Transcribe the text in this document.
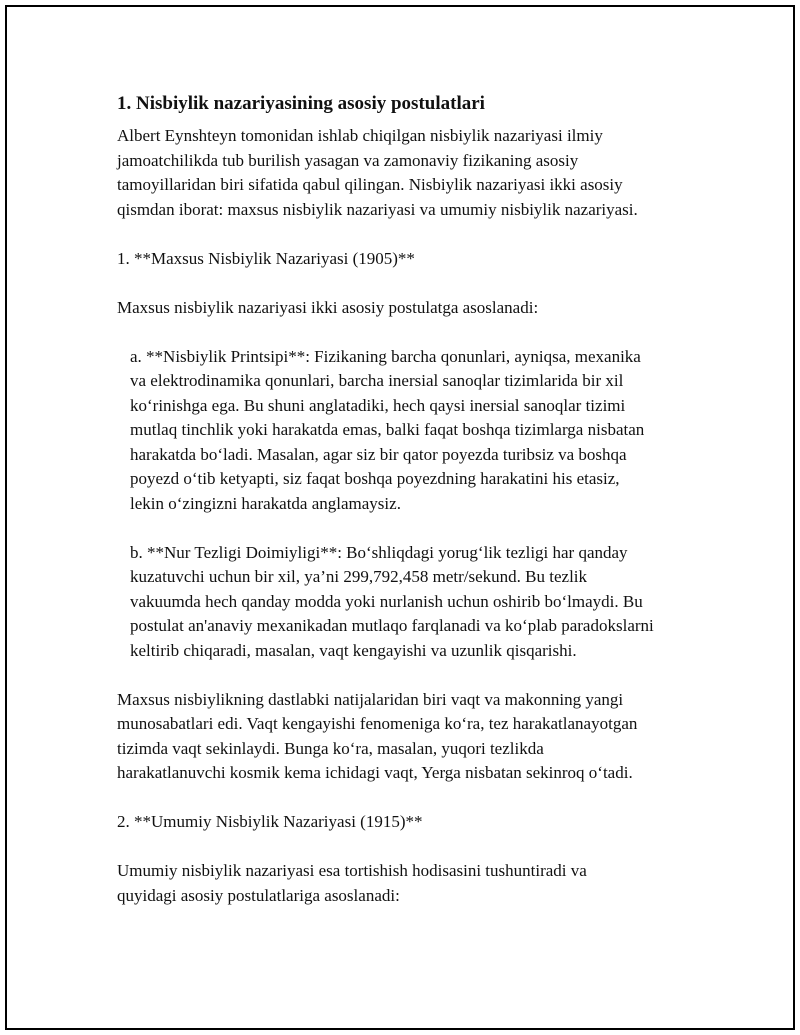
1. Nisbiylik nazariyasining asosiy postulatlari
Albert Eynshteyn tomonidan ishlab chiqilgan nisbiylik nazariyasi ilmiy
jamoatchilikda tub burilish yasagan va zamonaviy fizikaning asosiy
tamoyillaridan biri sifatida qabul qilingan. Nisbiylik nazariyasi ikki asosiy
qismdan iborat: maxsus nisbiylik nazariyasi va umumiy nisbiylik nazariyasi.
1. **Maxsus Nisbiylik Nazariyasi (1905)**
Maxsus nisbiylik nazariyasi ikki asosiy postulatga asoslanadi:
a. **Nisbiylik Printsipi**: Fizikaning barcha qonunlari, ayniqsa, mexanika
va elektrodinamika qonunlari, barcha inersial sanoqlar tizimlarida bir xil
ko‘rinishga ega. Bu shuni anglatadiki, hech qaysi inersial sanoqlar tizimi
mutlaq tinchlik yoki harakatda emas, balki faqat boshqa tizimlarga nisbatan
harakatda bo‘ladi. Masalan, agar siz bir qator poyezda turibsiz va boshqa
poyezd o‘tib ketyapti, siz faqat boshqa poyezdning harakatini his etasiz,
lekin o‘zingizni harakatda anglamaysiz.
b. **Nur Tezligi Doimiyligi**: Bo‘shliqdagi yorug‘lik tezligi har qanday
kuzatuvchi uchun bir xil, ya’ni 299,792,458 metr/sekund. Bu tezlik
vakuumda hech qanday modda yoki nurlanish uchun oshirib bo‘lmaydi. Bu
postulat an'anaviy mexanikadan mutlaqo farqlanadi va ko‘plab paradokslarni
keltirib chiqaradi, masalan, vaqt kengayishi va uzunlik qisqarishi.
Maxsus nisbiylikning dastlabki natijalaridan biri vaqt va makonning yangi
munosabatlari edi. Vaqt kengayishi fenomeniga ko‘ra, tez harakatlanayotgan
tizimda vaqt sekinlaydi. Bunga ko‘ra, masalan, yuqori tezlikda
harakatlanuvchi kosmik kema ichidagi vaqt, Yerga nisbatan sekinroq o‘tadi.
2. **Umumiy Nisbiylik Nazariyasi (1915)**
Umumiy nisbiylik nazariyasi esa tortishish hodisasini tushuntiradi va
quyidagi asosiy postulatlariga asoslanadi:
